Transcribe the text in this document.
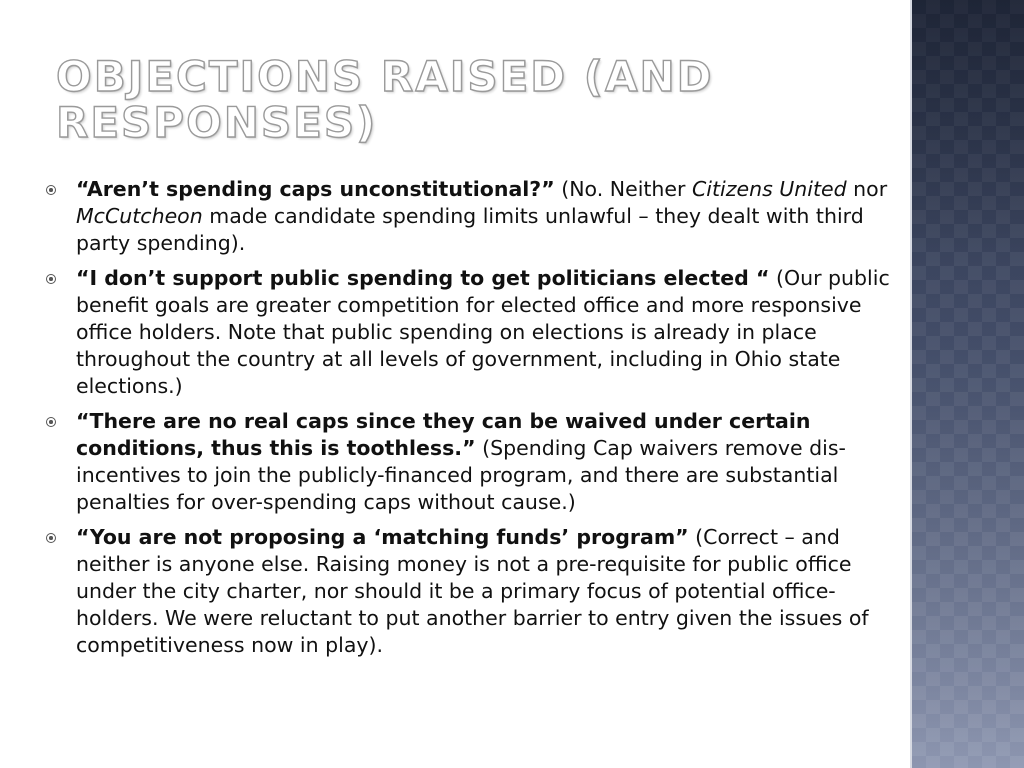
OBJECTIONS RAISED (AND
RESPONSES)
“Aren’t spending caps unconstitutional?” (No. Neither Citizens United nor McCutcheon made candidate spending limits unlawful – they dealt with third party spending).
“I don’t support public spending to get politicians elected “ (Our public benefit goals are greater competition for elected office and more responsive office holders. Note that public spending on elections is already in place throughout the country at all levels of government, including in Ohio state elections.)
“There are no real caps since they can be waived under certain conditions, thus this is toothless.” (Spending Cap waivers remove dis-incentives to join the publicly-financed program, and there are substantial penalties for over-spending caps without cause.)
“You are not proposing a ‘matching funds’ program” (Correct – and neither is anyone else. Raising money is not a pre-requisite for public office under the city charter, nor should it be a primary focus of potential office-holders. We were reluctant to put another barrier to entry given the issues of competitiveness now in play).
